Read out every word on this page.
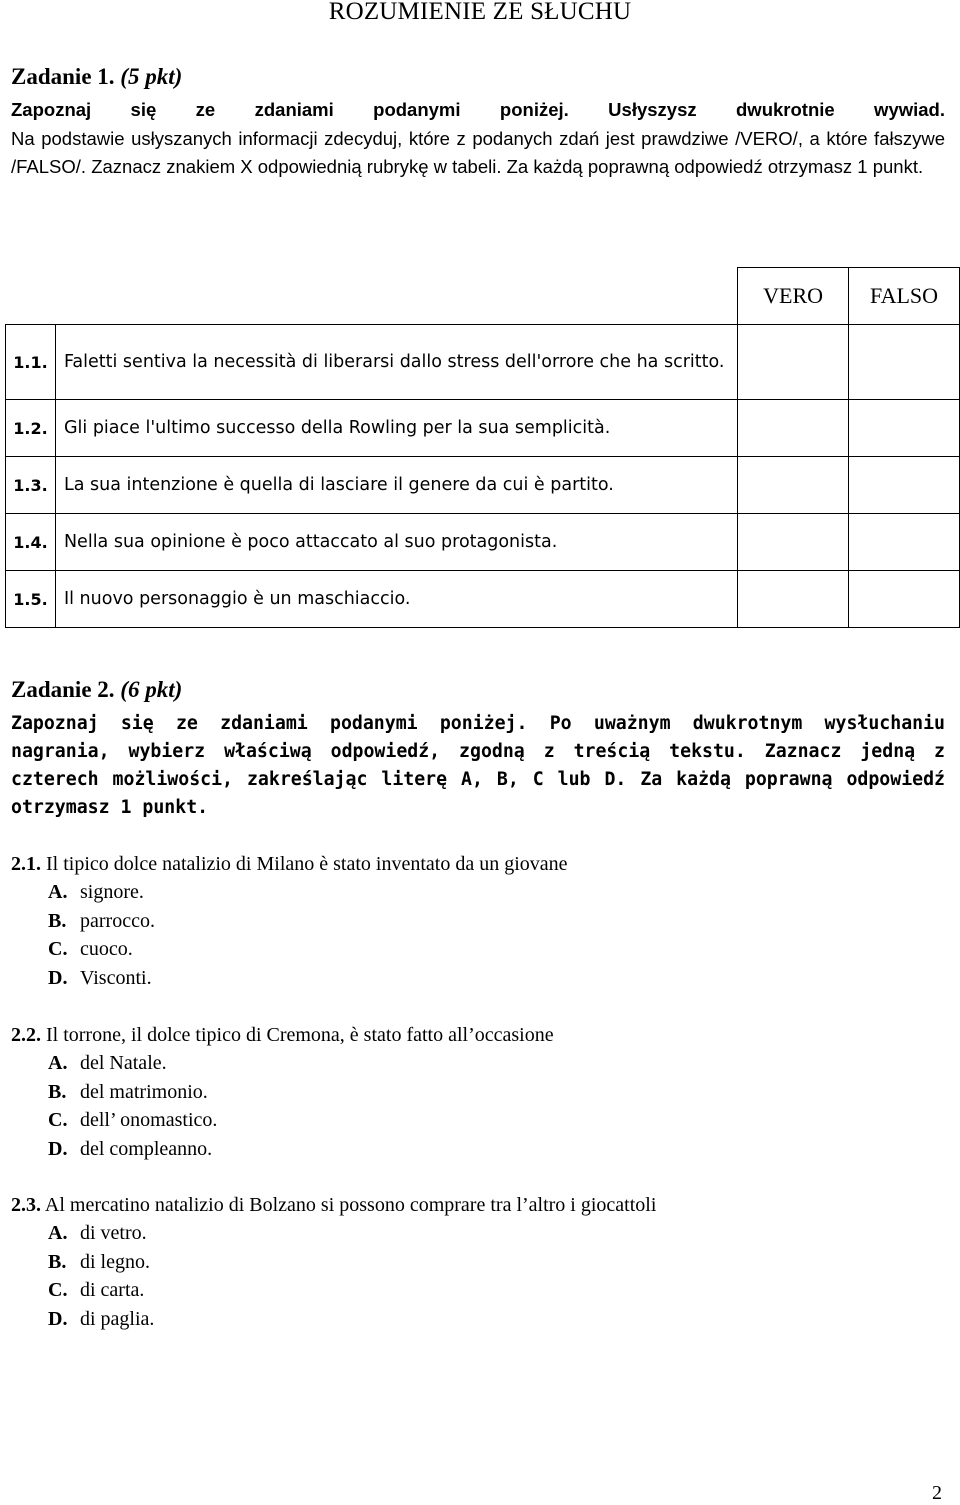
ROZUMIENIE ZE SŁUCHU
Zadanie 1. (5 pkt)
Zapoznaj się ze zdaniami podanymi poniżej. Usłyszysz dwukrotnie wywiad.
Na podstawie usłyszanych informacji zdecyduj, które z podanych zdań jest prawdziwe /VERO/, a które fałszywe /FALSO/. Zaznacz znakiem X odpowiednią rubrykę w tabeli. Za każdą poprawną odpowiedź otrzymasz 1 punkt.
		VERO	FALSO
1.1.	Faletti sentiva la necessità di liberarsi dallo stress dell'orrore che ha scritto.		
1.2.	Gli piace l'ultimo successo della Rowling per la sua semplicità.		
1.3.	La sua intenzione è quella di lasciare il genere da cui è partito.		
1.4.	Nella sua opinione è poco attaccato al suo protagonista.		
1.5.	Il nuovo personaggio è un maschiaccio.		
Zadanie 2. (6 pkt)
Zapoznaj się ze zdaniami podanymi poniżej. Po uważnym dwukrotnym wysłuchaniu nagrania, wybierz właściwą odpowiedź, zgodną z treścią tekstu. Zaznacz jedną z czterech możliwości, zakreślając literę A, B, C lub D. Za każdą poprawną odpowiedź otrzymasz 1 punkt.
2.1. Il tipico dolce natalizio di Milano è stato inventato da un giovane
A. signore.
B. parrocco.
C. cuoco.
D. Visconti.
2.2. Il torrone, il dolce tipico di Cremona, è stato fatto all’occasione
A. del Natale.
B. del matrimonio.
C. dell’ onomastico.
D. del compleanno.
2.3. Al mercatino natalizio di Bolzano si possono comprare tra l’altro i giocattoli
A. di vetro.
B. di legno.
C. di carta.
D. di paglia.
2
